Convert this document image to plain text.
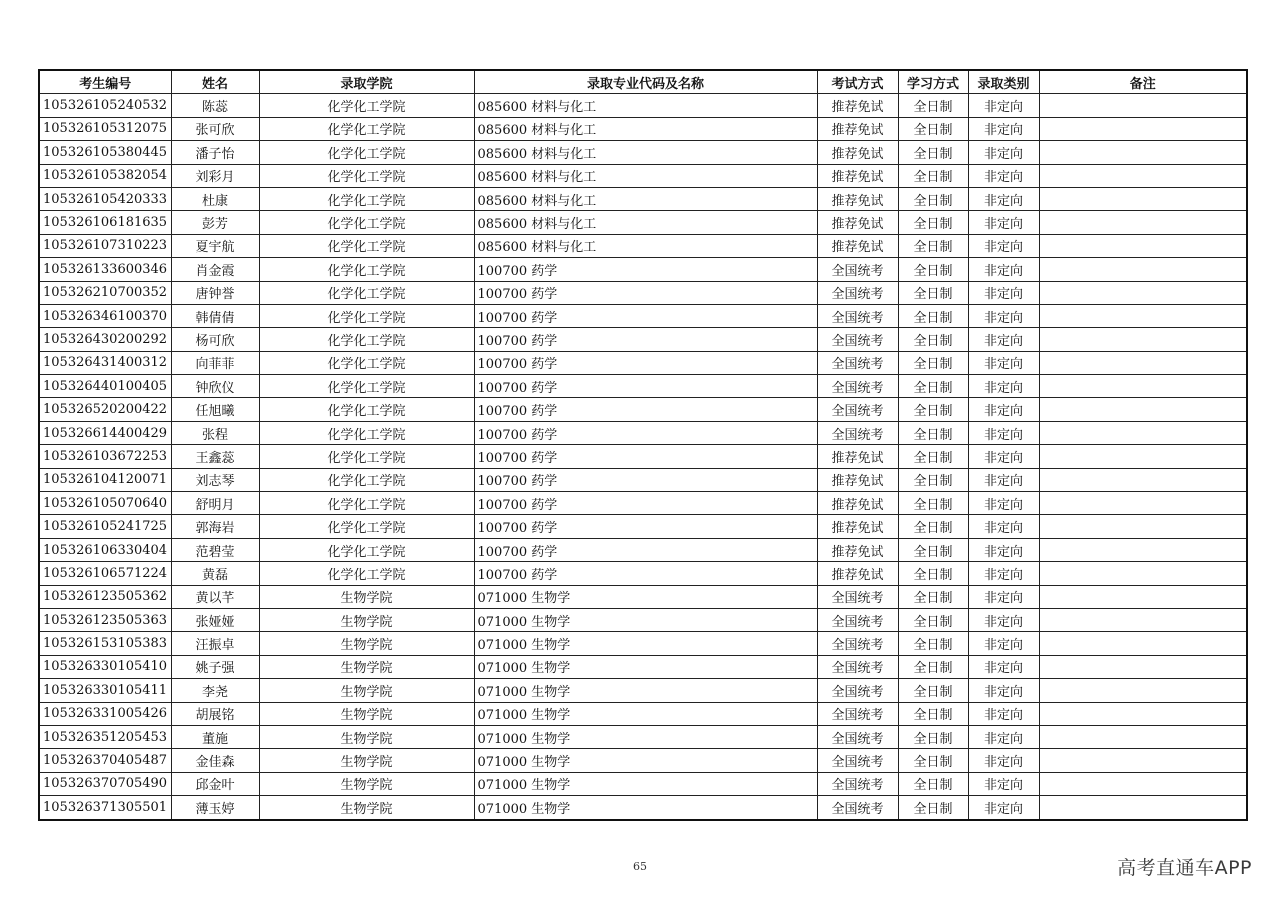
考生编号	姓名	录取学院	录取专业代码及名称	考试方式	学习方式	录取类别	备注
105326105240532	陈蕊	化学化工学院	085600 材料与化工	推荐免试	全日制	非定向	
105326105312075	张可欣	化学化工学院	085600 材料与化工	推荐免试	全日制	非定向	
105326105380445	潘子怡	化学化工学院	085600 材料与化工	推荐免试	全日制	非定向	
105326105382054	刘彩月	化学化工学院	085600 材料与化工	推荐免试	全日制	非定向	
105326105420333	杜康	化学化工学院	085600 材料与化工	推荐免试	全日制	非定向	
105326106181635	彭芳	化学化工学院	085600 材料与化工	推荐免试	全日制	非定向	
105326107310223	夏宇航	化学化工学院	085600 材料与化工	推荐免试	全日制	非定向	
105326133600346	肖金霞	化学化工学院	100700 药学	全国统考	全日制	非定向	
105326210700352	唐钟誉	化学化工学院	100700 药学	全国统考	全日制	非定向	
105326346100370	韩倩倩	化学化工学院	100700 药学	全国统考	全日制	非定向	
105326430200292	杨可欣	化学化工学院	100700 药学	全国统考	全日制	非定向	
105326431400312	向菲菲	化学化工学院	100700 药学	全国统考	全日制	非定向	
105326440100405	钟欣仪	化学化工学院	100700 药学	全国统考	全日制	非定向	
105326520200422	任旭曦	化学化工学院	100700 药学	全国统考	全日制	非定向	
105326614400429	张程	化学化工学院	100700 药学	全国统考	全日制	非定向	
105326103672253	王鑫蕊	化学化工学院	100700 药学	推荐免试	全日制	非定向	
105326104120071	刘志琴	化学化工学院	100700 药学	推荐免试	全日制	非定向	
105326105070640	舒明月	化学化工学院	100700 药学	推荐免试	全日制	非定向	
105326105241725	郭海岩	化学化工学院	100700 药学	推荐免试	全日制	非定向	
105326106330404	范碧莹	化学化工学院	100700 药学	推荐免试	全日制	非定向	
105326106571224	黄磊	化学化工学院	100700 药学	推荐免试	全日制	非定向	
105326123505362	黄以芊	生物学院	071000 生物学	全国统考	全日制	非定向	
105326123505363	张娅娅	生物学院	071000 生物学	全国统考	全日制	非定向	
105326153105383	汪振卓	生物学院	071000 生物学	全国统考	全日制	非定向	
105326330105410	姚子强	生物学院	071000 生物学	全国统考	全日制	非定向	
105326330105411	李尧	生物学院	071000 生物学	全国统考	全日制	非定向	
105326331005426	胡展铭	生物学院	071000 生物学	全国统考	全日制	非定向	
105326351205453	董施	生物学院	071000 生物学	全国统考	全日制	非定向	
105326370405487	金佳森	生物学院	071000 生物学	全国统考	全日制	非定向	
105326370705490	邱金叶	生物学院	071000 生物学	全国统考	全日制	非定向	
105326371305501	薄玉婷	生物学院	071000 生物学	全国统考	全日制	非定向	
65	高考直通车APP
